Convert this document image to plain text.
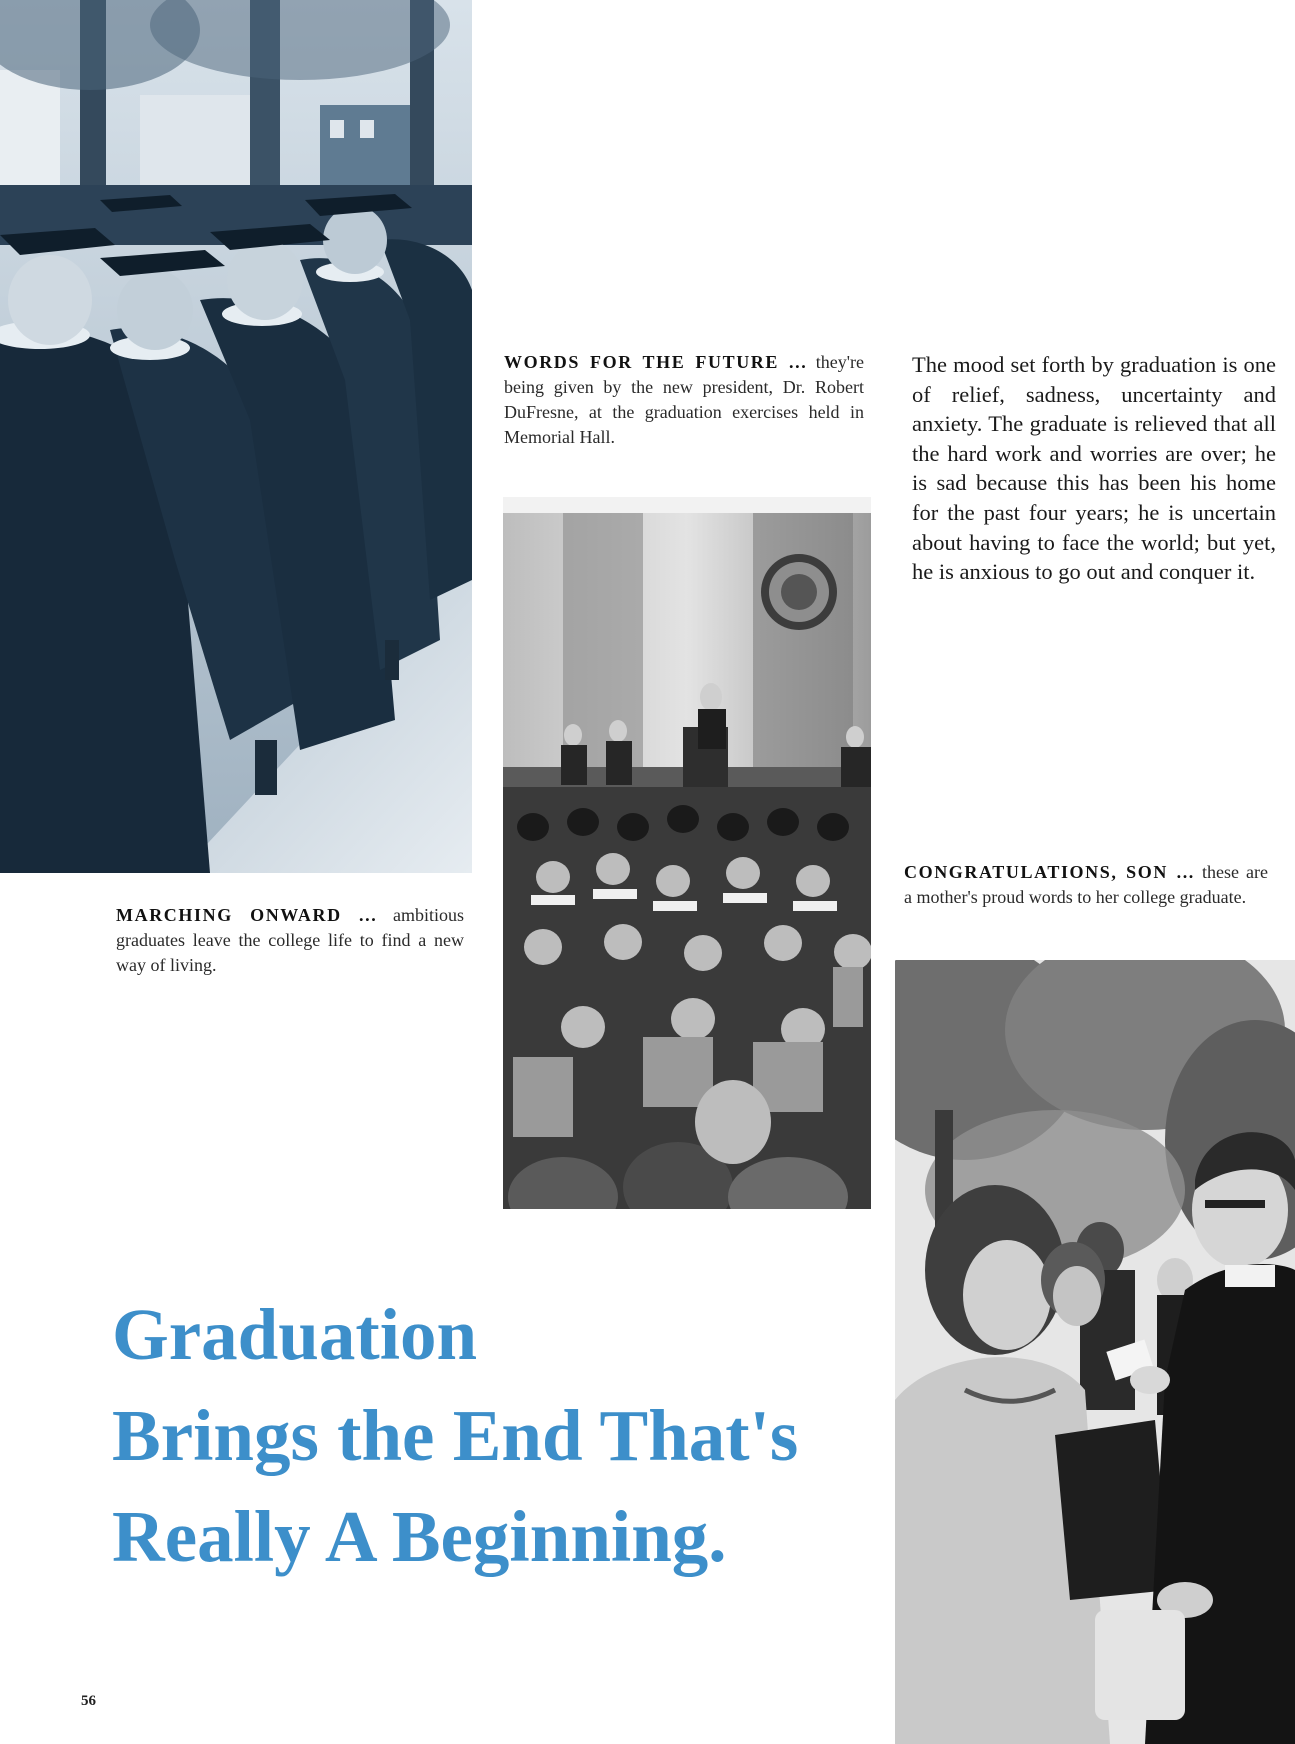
WORDS FOR THE FUTURE ... they're being given by the new president, Dr. Robert DuFresne, at the graduation exercises held in Memorial Hall.

The mood set forth by graduation is one of relief, sadness, uncertainty and anxiety. The graduate is relieved that all the hard work and worries are over; he is sad because this has been his home for the past four years; he is uncertain about having to face the world; but yet, he is anxious to go out and conquer it.

MARCHING ONWARD ... ambitious graduates leave the college life to find a new way of living.
CONGRATULATIONS, SON ... these are a mother's proud words to her college graduate.
Graduation
Brings the End That's
Really A Beginning.
56
